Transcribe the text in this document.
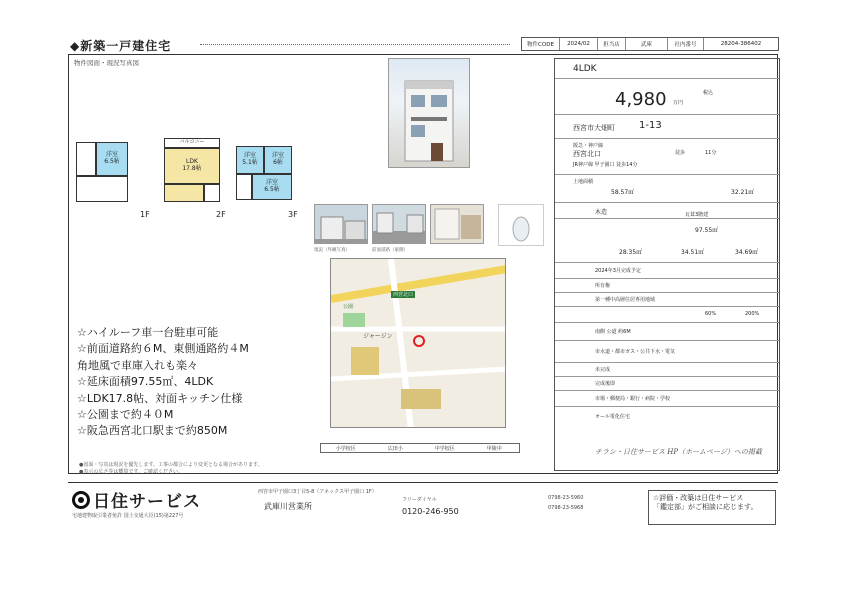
◆新築一戸建住宅	物件CODE	2024/02	担当店	武庫	社内番号	28204-386402
物件図面・現況写真図
洋室
6.5帖
1F
バルコニー
LDK
17.8帖
2F
洋室
5.1帖
洋室
6帖
洋室
6.5帖
3F
現況（外観写真）	前面道路（東側）
ジャージン
西宮北口
公園
小学校区	広田小	中学校区	甲陵中
☆ハイルーフ車一台駐車可能
☆前面道路約６M、東側通路約４M
角地風で車庫入れも楽々
☆延床面積97.55㎡、4LDK
☆LDK17.8帖、対面キッチン仕様
☆公園まで約４０M
☆阪急西宮北口駅まで約850M
●図面・写真は現況を優先します。工事の都合により変更となる場合があります。
●表示の広さ等は概算です。ご確認ください。
4LDK
4,980 万円
税込
西宮市大畑町 1-13
阪急・神戸線
西宮北口	徒歩	11分
JR神戸線 甲子園口 徒歩14分
土地面積
58.57㎡	32.21㎡
木造	瓦葺3階建
97.55㎡
28.35㎡	34.51㎡	34.69㎡
2024年3月完成予定
所有権
第一種中高層住居専用地域
60%	200%
南側 公道 約6M
市水道・都市ガス・公共下水・電気
未完成
完成後即
市場・郵便局・銀行・病院・学校
オール電化住宅
チラシ・日住サービス HP（ホームページ）への掲載
日住サービス
宅地建物取引業者免許 国土交通大臣(15)第227号
西宮市甲子園口3丁目5-8（アネックス甲子園口 1F）
武庫川営業所
フリーダイヤル
0120-246-950
0798-23-5960
0798-23-5968
☆評価・改築は日住サービス
「鑑定部」がご相談に応じます。
